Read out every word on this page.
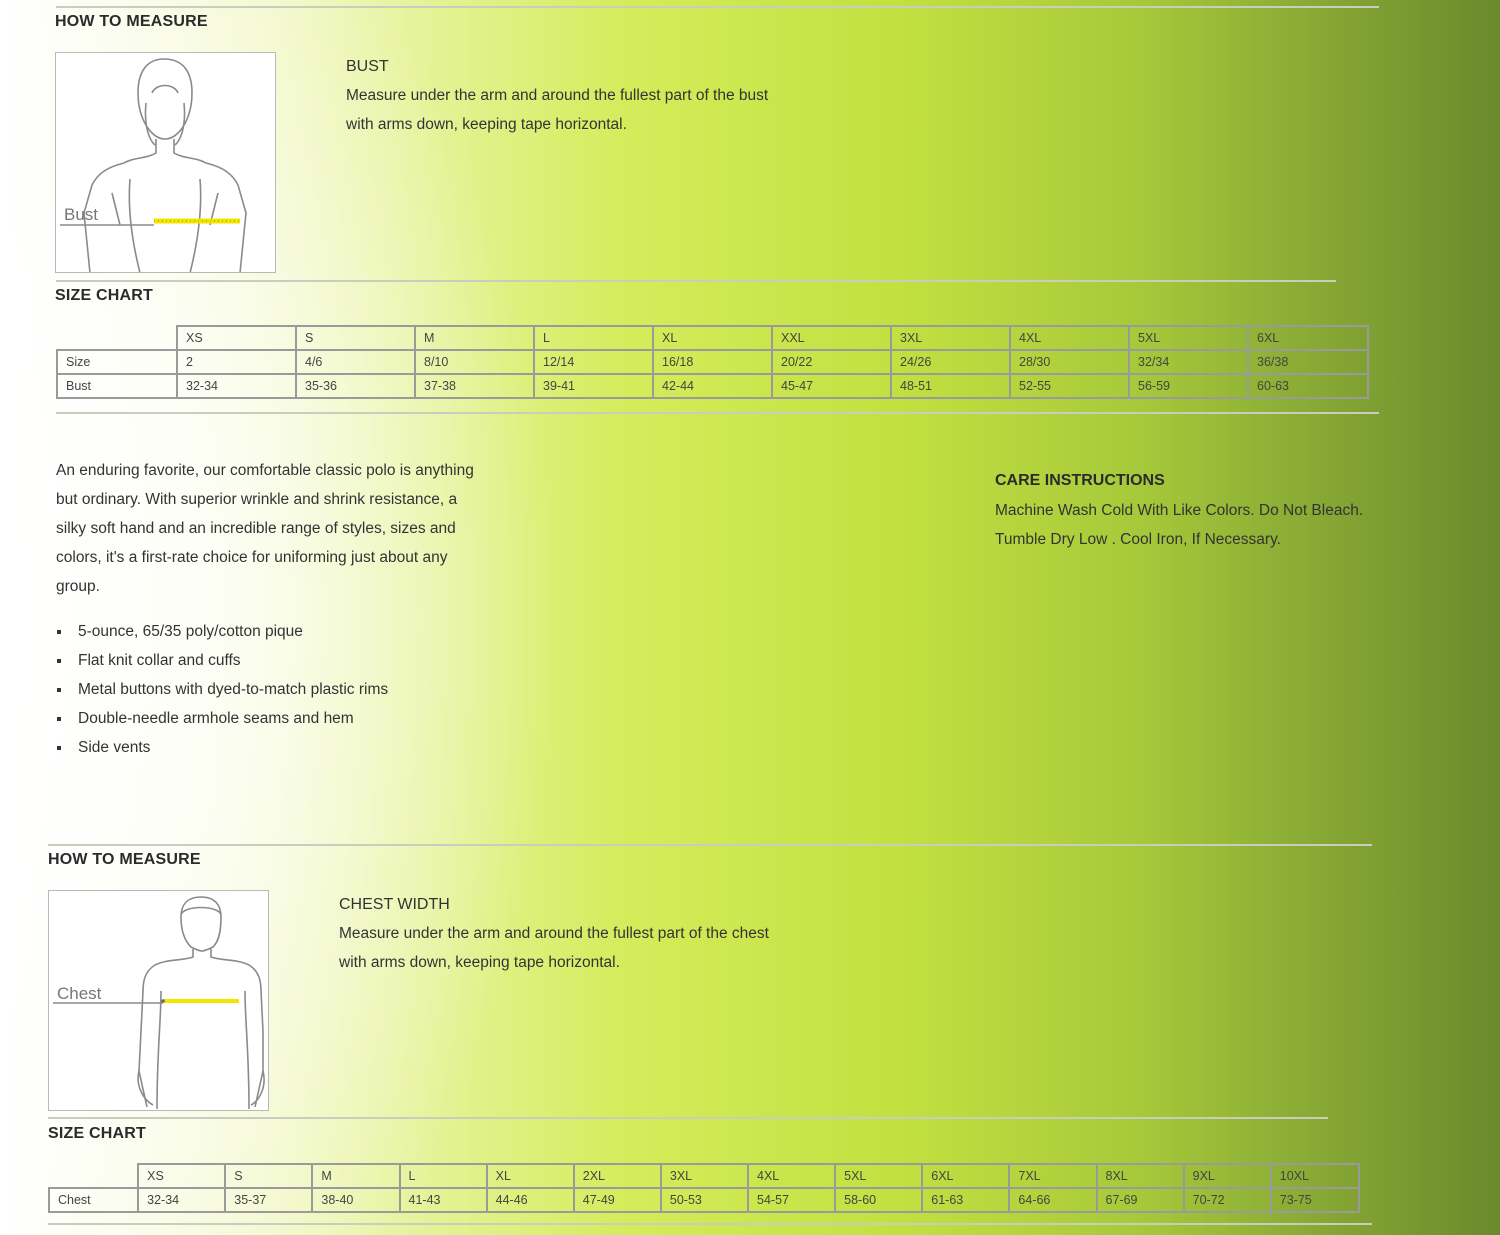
HOW TO MEASURE
Bust
BUST
Measure under the arm and around the fullest part of the bust
with arms down, keeping tape horizontal.
SIZE CHART
	XS	S	M	L	XL	XXL	3XL	4XL	5XL	6XL
Size	2	4/6	8/10	12/14	16/18	20/22	24/26	28/30	32/34	36/38
Bust	32-34	35-36	37-38	39-41	42-44	45-47	48-51	52-55	56-59	60-63
An enduring favorite, our comfortable classic polo is anything
but ordinary. With superior wrinkle and shrink resistance, a
silky soft hand and an incredible range of styles, sizes and
colors, it's a first-rate choice for uniforming just about any
group.
5-ounce, 65/35 poly/cotton pique
Flat knit collar and cuffs
Metal buttons with dyed-to-match plastic rims
Double-needle armhole seams and hem
Side vents
CARE INSTRUCTIONS
Machine Wash Cold With Like Colors. Do Not Bleach.
Tumble Dry Low . Cool Iron, If Necessary.
HOW TO MEASURE
Chest
CHEST WIDTH
Measure under the arm and around the fullest part of the chest
with arms down, keeping tape horizontal.
SIZE CHART
	XS	S	M	L	XL	2XL	3XL	4XL	5XL	6XL	7XL	8XL	9XL	10XL
Chest	32-34	35-37	38-40	41-43	44-46	47-49	50-53	54-57	58-60	61-63	64-66	67-69	70-72	73-75
